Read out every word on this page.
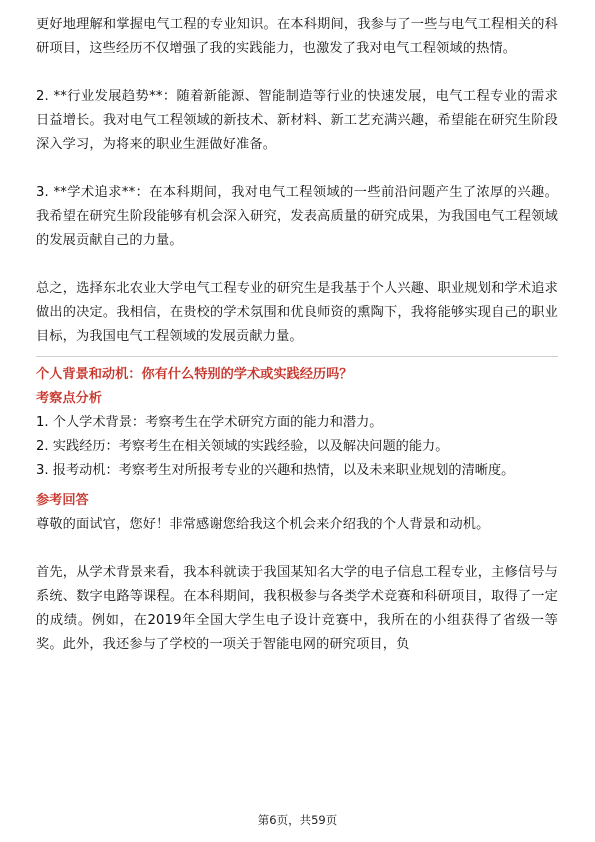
更好地理解和掌握电气工程的专业知识。在本科期间，我参与了一些与电气工程相关的科研项目，这些经历不仅增强了我的实践能力，也激发了我对电气工程领域的热情。

2. **行业发展趋势**：随着新能源、智能制造等行业的快速发展，电气工程专业的需求日益增长。我对电气工程领域的新技术、新材料、新工艺充满兴趣，希望能在研究生阶段深入学习，为将来的职业生涯做好准备。

3. **学术追求**：在本科期间，我对电气工程领域的一些前沿问题产生了浓厚的兴趣。我希望在研究生阶段能够有机会深入研究，发表高质量的研究成果，为我国电气工程领域的发展贡献自己的力量。

总之，选择东北农业大学电气工程专业的研究生是我基于个人兴趣、职业规划和学术追求做出的决定。我相信，在贵校的学术氛围和优良师资的熏陶下，我将能够实现自己的职业目标，为我国电气工程领域的发展贡献力量。

个人背景和动机：你有什么特别的学术或实践经历吗？

考察点分析

1. 个人学术背景：考察考生在学术研究方面的能力和潜力。

2. 实践经历：考察考生在相关领域的实践经验，以及解决问题的能力。

3. 报考动机：考察考生对所报考专业的兴趣和热情，以及未来职业规划的清晰度。

参考回答

尊敬的面试官，您好！非常感谢您给我这个机会来介绍我的个人背景和动机。

首先，从学术背景来看，我本科就读于我国某知名大学的电子信息工程专业，主修信号与系统、数字电路等课程。在本科期间，我积极参与各类学术竞赛和科研项目，取得了一定的成绩。例如，在2019年全国大学生电子设计竞赛中，我所在的小组获得了省级一等奖。此外，我还参与了学校的一项关于智能电网的研究项目，负

第6页，共59页
